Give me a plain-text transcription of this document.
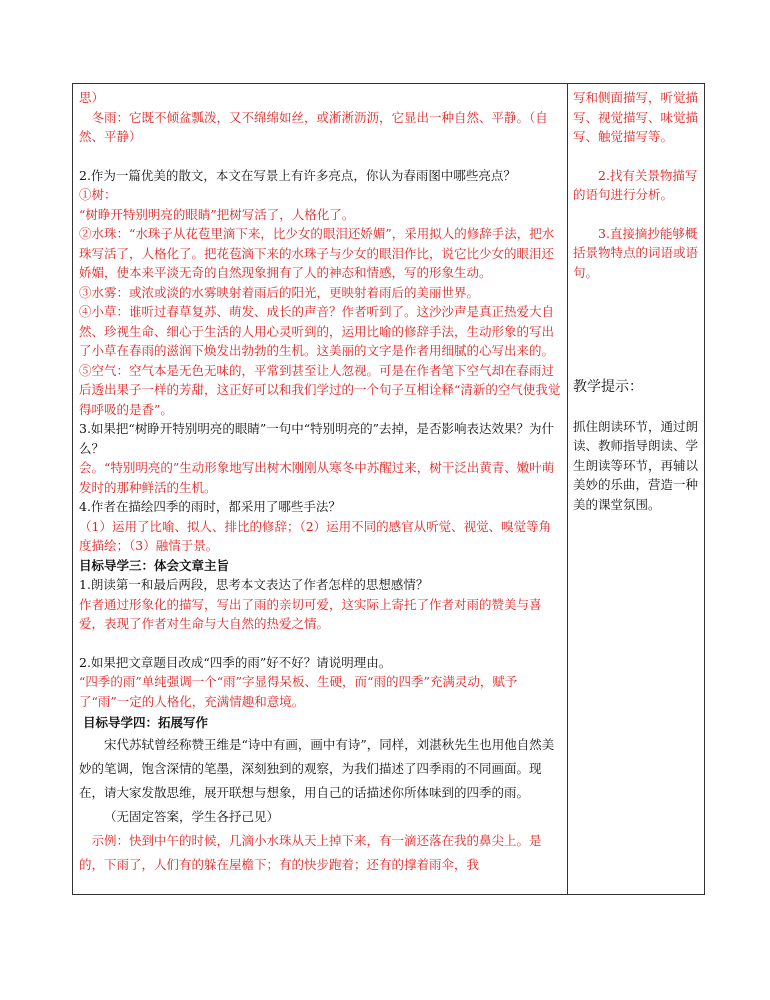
思）

冬雨：它既不倾盆瓢泼，又不绵绵如丝，或淅淅沥沥，它显出一种自然、平静。（自然、平静）

2.作为一篇优美的散文，本文在写景上有许多亮点，你认为春雨图中哪些亮点？

①树：

“树睁开特别明亮的眼睛”把树写活了，人格化了。

②水珠：“水珠子从花苞里滴下来，比少女的眼泪还娇媚”，采用拟人的修辞手法，把水珠写活了，人格化了。把花苞滴下来的水珠子与少女的眼泪作比，说它比少女的眼泪还娇媚，使本来平淡无奇的自然现象拥有了人的神态和情感，写的形象生动。

③水雾：或浓或淡的水雾映射着雨后的阳光，更映射着雨后的美丽世界。

④小草：谁听过春草复苏、萌发、成长的声音？作者听到了。这沙沙声是真正热爱大自然、珍视生命、细心于生活的人用心灵听到的，运用比喻的修辞手法，生动形象的写出了小草在春雨的滋润下焕发出勃勃的生机。这美丽的文字是作者用细腻的心写出来的。

⑤空气：空气本是无色无味的，平常到甚至让人忽视。可是在作者笔下空气却在春雨过后透出果子一样的芳甜，这正好可以和我们学过的一个句子互相诠释“清新的空气使我觉得呼吸的是香”。

3.如果把“树睁开特别明亮的眼睛”一句中“特别明亮的”去掉，是否影响表达效果？为什么？

会。“特别明亮的”生动形象地写出树木刚刚从寒冬中苏醒过来，树干泛出黄青、嫩叶萌发时的那种鲜活的生机。

4.作者在描绘四季的雨时，都采用了哪些手法？

（1）运用了比喻、拟人、排比的修辞；（2）运用不同的感官从听觉、视觉、嗅觉等角度描绘；（3）融情于景。

目标导学三：体会文章主旨

1.朗读第一和最后两段，思考本文表达了作者怎样的思想感情？

作者通过形象化的描写，写出了雨的亲切可爱，这实际上寄托了作者对雨的赞美与喜爱，表现了作者对生命与大自然的热爱之情。

2.如果把文章题目改成“四季的雨”好不好？请说明理由。

“四季的雨”单纯强调一个“雨”字显得呆板、生硬，而“雨的四季”充满灵动，赋予了“雨”一定的人格化，充满情趣和意境。

目标导学四：拓展写作

宋代苏轼曾经称赞王维是“诗中有画，画中有诗”，同样，刘湛秋先生也用他自然美妙的笔调，饱含深情的笔墨，深刻独到的观察，为我们描述了四季雨的不同画面。现在，请大家发散思维，展开联想与想象，用自己的话描述你所体味到的四季的雨。

（无固定答案，学生各抒己见）

示例：快到中午的时候，几滴小水珠从天上掉下来，有一滴还落在我的鼻尖上。是的，下雨了，人们有的躲在屋檐下；有的快步跑着；还有的撑着雨伞，我

写和侧面描写，听觉描写、视觉描写、味觉描写、触觉描写等。

2.找有关景物描写的语句进行分析。

3.直接摘抄能够概括景物特点的词语或语句。

教学提示：

抓住朗读环节，通过朗读、教师指导朗读、学生朗读等环节，再辅以美妙的乐曲，营造一种美的课堂氛围。
